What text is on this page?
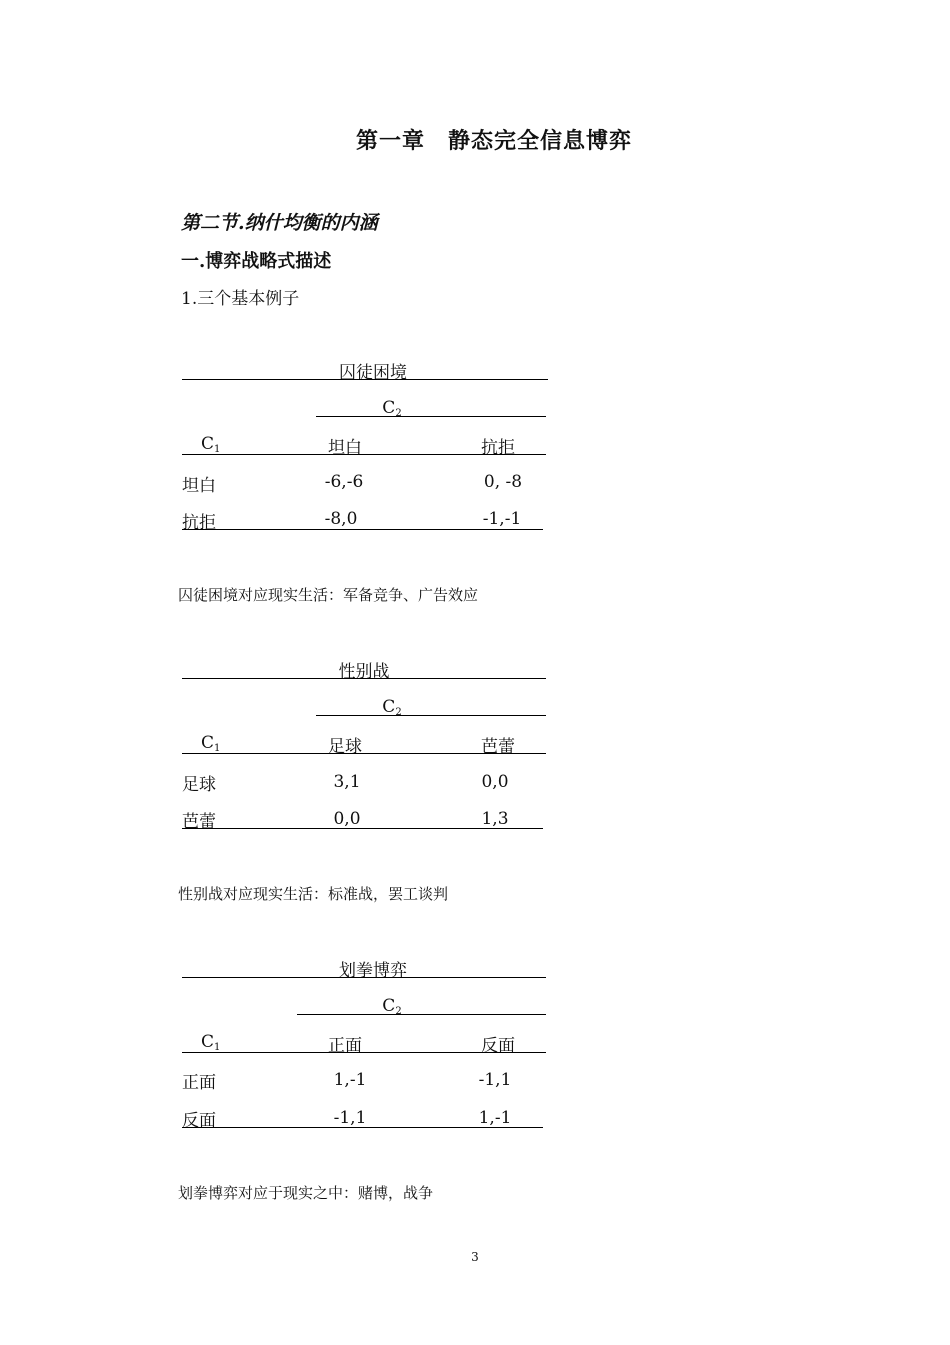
第一章　静态完全信息博弈
第二节.纳什均衡的内涵
一.博弈战略式描述
1.三个基本例子
囚徒困境
$C_2$
$C_1$	坦白	抗拒
坦白	-6,-6	0, -8
抗拒	-8,0	-1,-1
囚徒困境对应现实生活：军备竞争、广告效应
性别战
$C_2$
$C_1$	足球	芭蕾
足球	3,1	0,0
芭蕾	0,0	1,3
性别战对应现实生活：标准战，罢工谈判
划拳博弈
$C_2$
$C_1$	正面	反面
正面	1,-1	-1,1
反面	-1,1	1,-1
划拳博弈对应于现实之中：赌博，战争
3
